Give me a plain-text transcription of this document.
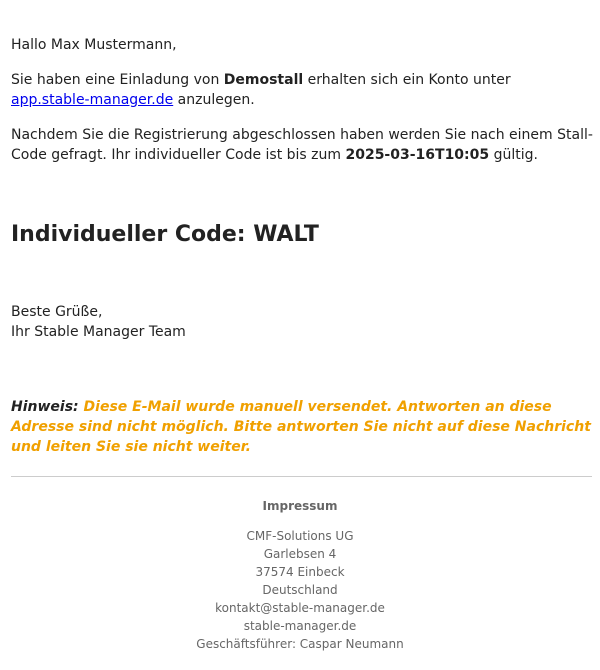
Hallo Max Mustermann,

Sie haben eine Einladung von Demostall erhalten sich ein Konto unter app.stable-manager.de anzulegen.

Nachdem Sie die Registrierung abgeschlossen haben werden Sie nach einem Stall-Code gefragt. Ihr individueller Code ist bis zum 2025-03-16T10:05 gültig.

Individueller Code: WALT

Beste Grüße,
Ihr Stable Manager Team

Hinweis: Diese E-Mail wurde manuell versendet. Antworten an diese Adresse sind nicht möglich. Bitte antworten Sie nicht auf diese Nachricht und leiten Sie sie nicht weiter.

Impressum
CMF-Solutions UG
Garlebsen 4
37574 Einbeck
Deutschland
kontakt@stable-manager.de
stable-manager.de
Geschäftsführer: Caspar Neumann
